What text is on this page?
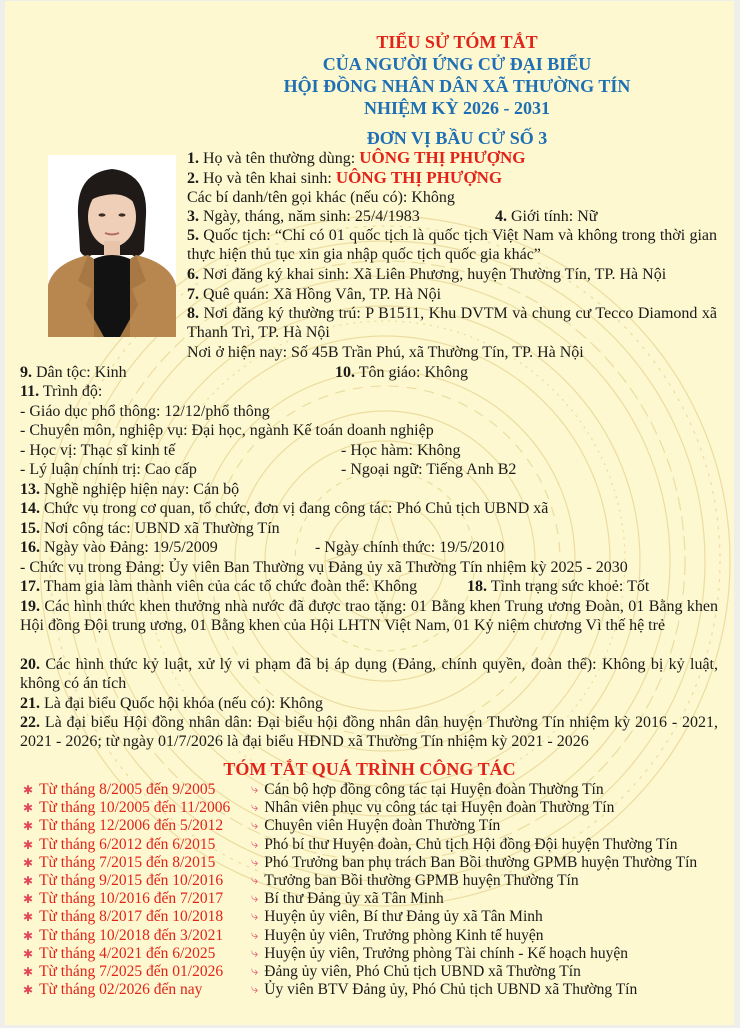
TIỂU SỬ TÓM TẮT
CỦA NGƯỜI ỨNG CỬ ĐẠI BIỂU
HỘI ĐỒNG NHÂN DÂN XÃ THƯỜNG TÍN
NHIỆM KỲ 2026 - 2031
ĐƠN VỊ BẦU CỬ SỐ 3
1. Họ và tên thường dùng: UÔNG THỊ PHƯỢNG
2. Họ và tên khai sinh: UÔNG THỊ PHƯỢNG
Các bí danh/tên gọi khác (nếu có): Không
3. Ngày, tháng, năm sinh: 25/4/1983	4. Giới tính: Nữ
5. Quốc tịch: “Chỉ có 01 quốc tịch là quốc tịch Việt Nam và không trong thời gian thực hiện thủ tục xin gia nhập quốc tịch quốc gia khác”
6. Nơi đăng ký khai sinh: Xã Liên Phương, huyện Thường Tín, TP. Hà Nội
7. Quê quán: Xã Hồng Vân, TP. Hà Nội
8. Nơi đăng ký thường trú: P B1511, Khu DVTM và chung cư Tecco Diamond xã Thanh Trì, TP. Hà Nội
Nơi ở hiện nay: Số 45B Trần Phú, xã Thường Tín, TP. Hà Nội
9. Dân tộc: Kinh	10. Tôn giáo: Không
11. Trình độ:
- Giáo dục phổ thông: 12/12/phổ thông
- Chuyên môn, nghiệp vụ: Đại học, ngành Kế toán doanh nghiệp
- Học vị: Thạc sĩ kinh tế	- Học hàm: Không
- Lý luận chính trị: Cao cấp	- Ngoại ngữ: Tiếng Anh B2
13. Nghề nghiệp hiện nay: Cán bộ
14. Chức vụ trong cơ quan, tổ chức, đơn vị đang công tác: Phó Chủ tịch UBND xã
15. Nơi công tác: UBND xã Thường Tín
16. Ngày vào Đảng: 19/5/2009	- Ngày chính thức: 19/5/2010
- Chức vụ trong Đảng: Ủy viên Ban Thường vụ Đảng ủy xã Thường Tín nhiệm kỳ 2025 - 2030
17. Tham gia làm thành viên của các tổ chức đoàn thể: Không	18. Tình trạng sức khoẻ: Tốt
19. Các hình thức khen thưởng nhà nước đã được trao tặng: 01 Bằng khen Trung ương Đoàn, 01 Bằng khen Hội đồng Đội trung ương, 01 Bằng khen của Hội LHTN Việt Nam, 01 Kỷ niệm chương Vì thế hệ trẻ
20. Các hình thức kỷ luật, xử lý vi phạm đã bị áp dụng (Đảng, chính quyền, đoàn thể): Không bị kỷ luật, không có án tích
21. Là đại biểu Quốc hội khóa (nếu có): Không
22. Là đại biểu Hội đồng nhân dân: Đại biểu hội đồng nhân dân huyện Thường Tín nhiệm kỳ 2016 - 2021, 2021 - 2026; từ ngày 01/7/2026 là đại biểu HĐND xã Thường Tín nhiệm kỳ 2021 - 2026
TÓM TẮT QUÁ TRÌNH CÔNG TÁC
✱ Từ tháng 8/2005 đến 9/2005	⤷ Cán bộ hợp đồng công tác tại Huyện đoàn Thường Tín
✱ Từ tháng 10/2005 đến 11/2006	⤷ Nhân viên phục vụ công tác tại Huyện đoàn Thường Tín
✱ Từ tháng 12/2006 đến 5/2012	⤷ Chuyên viên Huyện đoàn Thường Tín
✱ Từ tháng 6/2012 đến 6/2015	⤷ Phó bí thư Huyện đoàn, Chủ tịch Hội đồng Đội huyện Thường Tín
✱ Từ tháng 7/2015 đến 8/2015	⤷ Phó Trưởng ban phụ trách Ban Bồi thường GPMB huyện Thường Tín
✱ Từ tháng 9/2015 đến 10/2016	⤷ Trưởng ban Bồi thường GPMB huyện Thường Tín
✱ Từ tháng 10/2016 đến 7/2017	⤷ Bí thư Đảng ủy xã Tân Minh
✱ Từ tháng 8/2017 đến 10/2018	⤷ Huyện ủy viên, Bí thư Đảng ủy xã Tân Minh
✱ Từ tháng 10/2018 đến 3/2021	⤷ Huyện ủy viên, Trưởng phòng Kinh tế huyện
✱ Từ tháng 4/2021 đến 6/2025	⤷ Huyện ủy viên, Trưởng phòng Tài chính - Kế hoạch huyện
✱ Từ tháng 7/2025 đến 01/2026	⤷ Đảng ủy viên, Phó Chủ tịch UBND xã Thường Tín
✱ Từ tháng 02/2026 đến nay	⤷ Ủy viên BTV Đảng ủy, Phó Chủ tịch UBND xã Thường Tín
